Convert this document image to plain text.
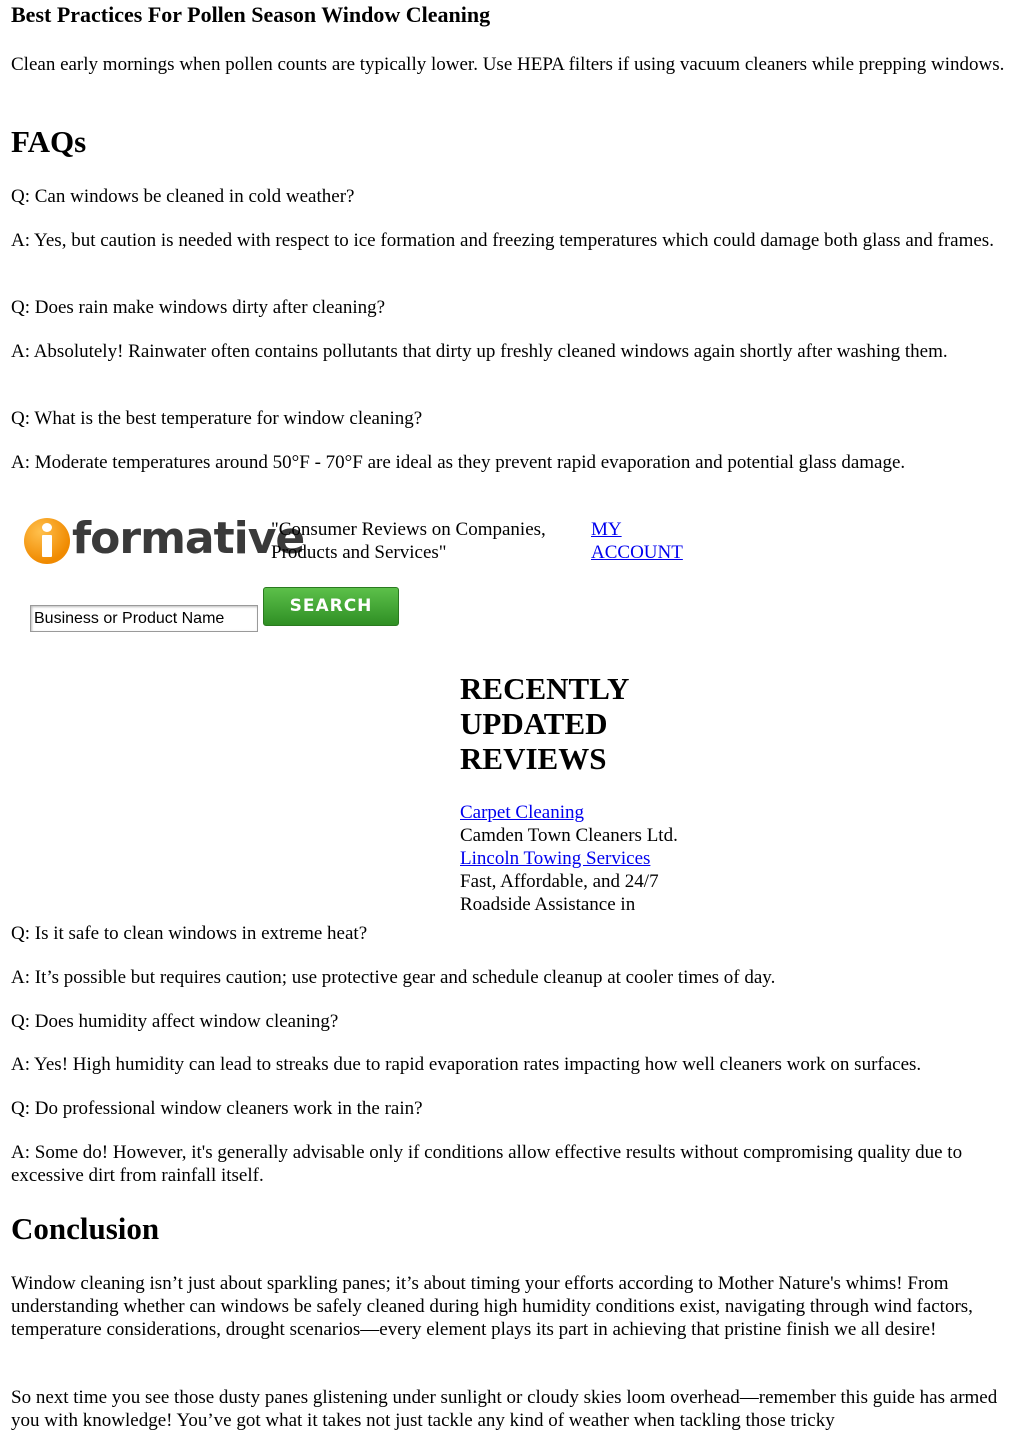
Best Practices For Pollen Season Window Cleaning

Clean early mornings when pollen counts are typically lower. Use HEPA filters if using vacuum cleaners while prepping windows.

FAQs

Q: Can windows be cleaned in cold weather?

A: Yes, but caution is needed with respect to ice formation and freezing temperatures which could damage both glass and frames.

Q: Does rain make windows dirty after cleaning?

A: Absolutely! Rainwater often contains pollutants that dirty up freshly cleaned windows again shortly after washing them.

Q: What is the best temperature for window cleaning?

A: Moderate temperatures around 50°F - 70°F are ideal as they prevent rapid evaporation and potential glass damage.

formative
"Consumer Reviews on Companies, Products and Services"
MY ACCOUNT
Business or Product Name
SEARCH
RECENTLY UPDATED REVIEWS
Carpet Cleaning
Camden Town Cleaners Ltd.
Lincoln Towing Services
Fast, Affordable, and 24/7 Roadside Assistance in

Q: Is it safe to clean windows in extreme heat?

A: It’s possible but requires caution; use protective gear and schedule cleanup at cooler times of day.

Q: Does humidity affect window cleaning?

A: Yes! High humidity can lead to streaks due to rapid evaporation rates impacting how well cleaners work on surfaces.

Q: Do professional window cleaners work in the rain?

A: Some do! However, it's generally advisable only if conditions allow effective results without compromising quality due to excessive dirt from rainfall itself.

Conclusion

Window cleaning isn’t just about sparkling panes; it’s about timing your efforts according to Mother Nature's whims! From understanding whether can windows be safely cleaned during high humidity conditions exist, navigating through wind factors, temperature considerations, drought scenarios—every element plays its part in achieving that pristine finish we all desire!

So next time you see those dusty panes glistening under sunlight or cloudy skies loom overhead—remember this guide has armed you with knowledge! You’ve got what it takes not just tackle any kind of weather when tackling those tricky
